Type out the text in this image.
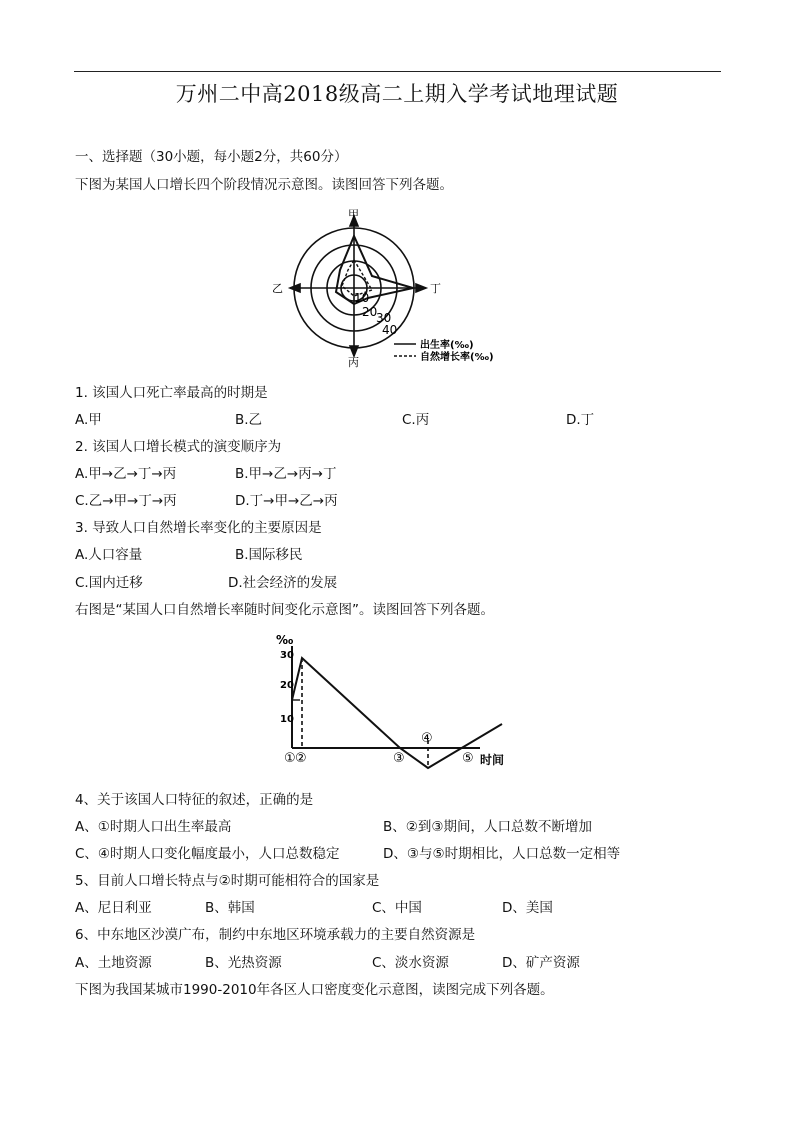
万州二中高2018级高二上期入学考试地理试题
一、选择题（30小题，每小题2分，共60分）
下图为某国人口增长四个阶段情况示意图。读图回答下列各题。
甲
乙
丙
丁
10
20
30
40
出生率(‰)
自然增长率(‰)
1. 该国人口死亡率最高的时期是
A.甲	B.乙	C.丙	D.丁
2. 该国人口增长模式的演变顺序为
A.甲→乙→丁→丙	B.甲→乙→丙→丁
C.乙→甲→丁→丙	D.丁→甲→乙→丙
3. 导致人口自然增长率变化的主要原因是
A.人口容量	B.国际移民
C.国内迁移	D.社会经济的发展
右图是“某国人口自然增长率随时间变化示意图”。读图回答下列各题。
‰
30
20
10
① ②	③
④
⑤ 时间
4、关于该国人口特征的叙述，正确的是
A、①时期人口出生率最高	B、②到③期间，人口总数不断增加
C、④时期人口变化幅度最小，人口总数稳定	D、③与⑤时期相比，人口总数一定相等
5、目前人口增长特点与②时期可能相符合的国家是
A、尼日利亚	B、韩国	C、中国	D、美国
6、中东地区沙漠广布，制约中东地区环境承载力的主要自然资源是
A、土地资源	B、光热资源	C、淡水资源	D、矿产资源
下图为我国某城市1990-2010年各区人口密度变化示意图，读图完成下列各题。
